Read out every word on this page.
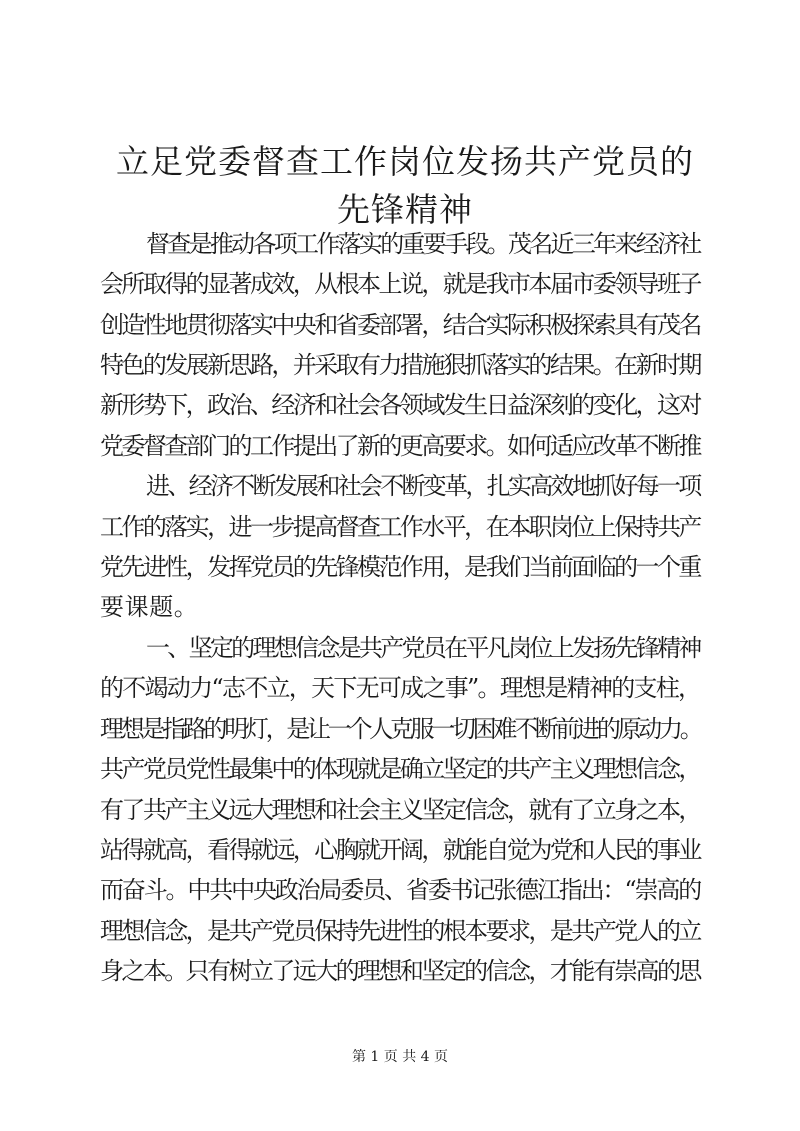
立足党委督查工作岗位发扬共产党员的先锋精神
督查是推动各项工作落实的重要手段。茂名近三年来经济社
会所取得的显著成效，从根本上说，就是我市本届市委领导班子
创造性地贯彻落实中央和省委部署，结合实际积极探索具有茂名
特色的发展新思路，并采取有力措施狠抓落实的结果。在新时期
新形势下，政治、经济和社会各领域发生日益深刻的变化，这对
党委督查部门的工作提出了新的更高要求。如何适应改革不断推
进、经济不断发展和社会不断变革，扎实高效地抓好每一项
工作的落实，进一步提高督查工作水平，在本职岗位上保持共产
党先进性，发挥党员的先锋模范作用，是我们当前面临的一个重
要课题。
一、坚定的理想信念是共产党员在平凡岗位上发扬先锋精神
的不竭动力“志不立，天下无可成之事”。理想是精神的支柱，
理想是指路的明灯，是让一个人克服一切困难不断前进的原动力。
共产党员党性最集中的体现就是确立坚定的共产主义理想信念，
有了共产主义远大理想和社会主义坚定信念，就有了立身之本，
站得就高，看得就远，心胸就开阔，就能自觉为党和人民的事业
而奋斗。中共中央政治局委员、省委书记张德江指出：“崇高的
理想信念，是共产党员保持先进性的根本要求，是共产党人的立
身之本。只有树立了远大的理想和坚定的信念，才能有崇高的思
第 1 页 共 4 页
